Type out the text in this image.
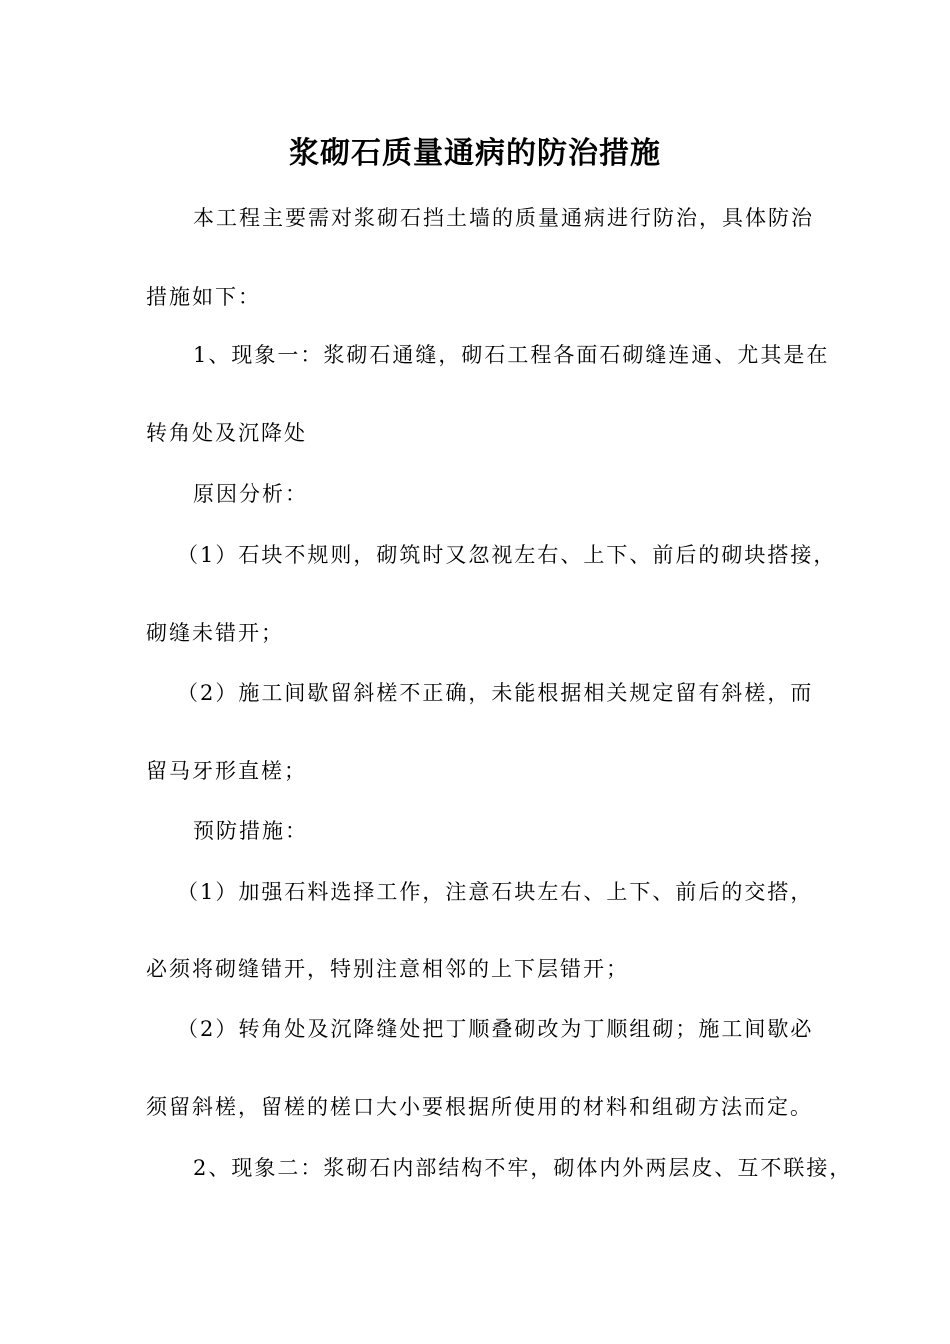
浆砌石质量通病的防治措施
本工程主要需对浆砌石挡土墙的质量通病进行防治，具体防治
措施如下：
1、现象一：浆砌石通缝，砌石工程各面石砌缝连通、尤其是在
转角处及沉降处
原因分析：
（1）石块不规则，砌筑时又忽视左右、上下、前后的砌块搭接，
砌缝未错开；
（2）施工间歇留斜槎不正确，未能根据相关规定留有斜槎，而
留马牙形直槎；
预防措施：
（1）加强石料选择工作，注意石块左右、上下、前后的交搭，
必须将砌缝错开，特别注意相邻的上下层错开；
（2）转角处及沉降缝处把丁顺叠砌改为丁顺组砌；施工间歇必
须留斜槎，留槎的槎口大小要根据所使用的材料和组砌方法而定。
2、现象二：浆砌石内部结构不牢，砌体内外两层皮、互不联接，
